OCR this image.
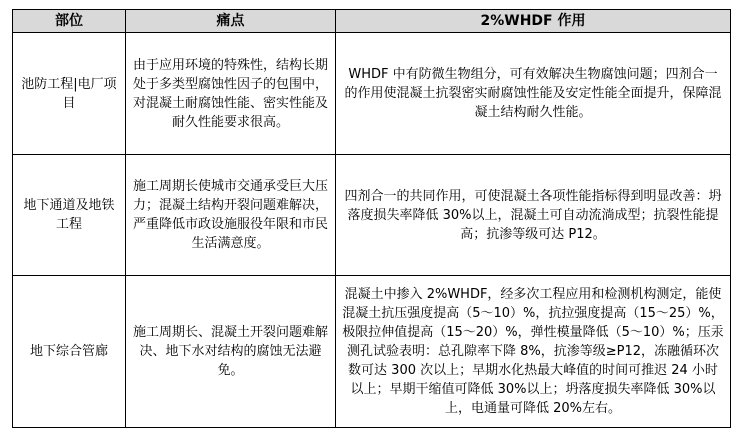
部位	痛点	2%WHDF 作用
池防工程|电厂项目	由于应用环境的特殊性，结构长期处于多类型腐蚀性因子的包围中，对混凝土耐腐蚀性能、密实性能及耐久性能要求很高。	WHDF 中有防微生物组分，可有效解决生物腐蚀问题；四剂合一的作用使混凝土抗裂密实耐腐蚀性能及安定性能全面提升，保障混凝土结构耐久性能。
地下通道及地铁工程	施工周期长使城市交通承受巨大压力；混凝土结构开裂问题难解决，严重降低市政设施服役年限和市民生活满意度。	四剂合一的共同作用，可使混凝土各项性能指标得到明显改善：坍落度损失率降低 30%以上，混凝土可自动流淌成型；抗裂性能提高；抗渗等级可达 P12。
地下综合管廊	施工周期长、混凝土开裂问题难解决、地下水对结构的腐蚀无法避免。	混凝土中掺入 2%WHDF，经多次工程应用和检测机构测定，能使混凝土抗压强度提高（5～10）%，抗拉强度提高（15～25）%，极限拉伸值提高（15～20）%，弹性模量降低（5～10）%；压汞测孔试验表明：总孔隙率下降 8%，抗渗等级≥P12，冻融循环次数可达 300 次以上；早期水化热最大峰值的时间可推迟 24 小时以上；早期干缩值可降低 30%以上；坍落度损失率降低 30%以上，电通量可降低 20%左右。
